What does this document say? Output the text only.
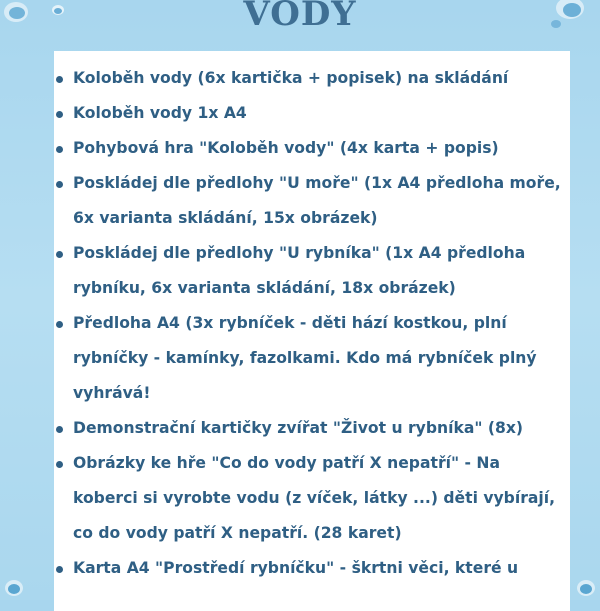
VODY
Koloběh vody (6x kartička + popisek) na skládání
Koloběh vody 1x A4
Pohybová hra "Koloběh vody" (4x karta + popis)
Poskládej dle předlohy "U moře" (1x A4 předloha moře, 6x varianta skládání, 15x obrázek)
Poskládej dle předlohy "U rybníka" (1x A4 předloha rybníku, 6x varianta skládání, 18x obrázek)
Předloha A4 (3x rybníček - děti hází kostkou, plní rybníčky - kamínky, fazolkami. Kdo má rybníček plný vyhrává!
Demonstrační kartičky zvířat "Život u rybníka" (8x)
Obrázky ke hře "Co do vody patří X nepatří" - Na koberci si vyrobte vodu (z víček, látky ...) děti vybírají, co do vody patří X nepatří. (28 karet)
Karta A4 "Prostředí rybníčku" - škrtni věci, které u
